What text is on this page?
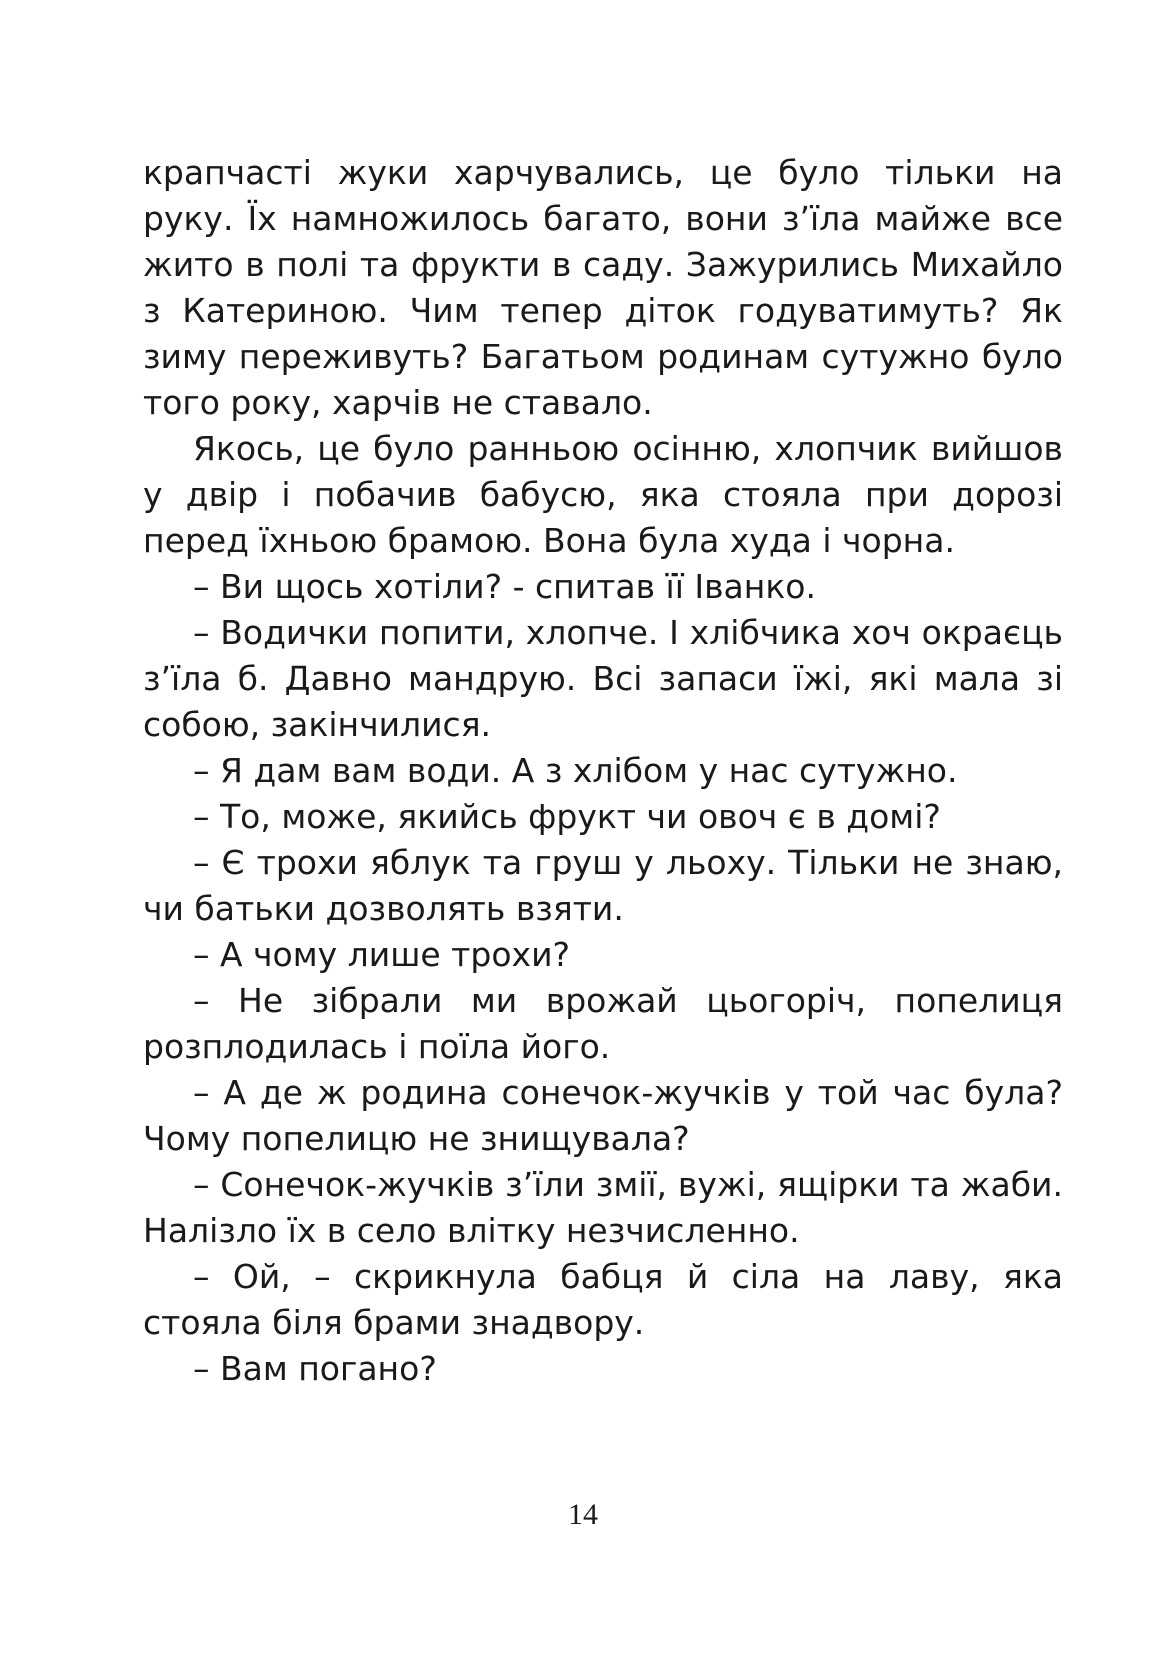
крапчасті жуки харчувались, це було тільки на руку. Їх намножилось багато, вони з’їла майже все жито в полі та фрукти в саду. Зажурились Михайло з Катериною. Чим тепер діток годуватимуть? Як зиму переживуть? Багатьом родинам сутужно було того року, харчів не ставало.

Якось, це було ранньою осінню, хлопчик вийшов у двір і побачив бабусю, яка стояла при дорозі перед їхньою брамою. Вона була худа і чорна.

– Ви щось хотіли? - спитав її Іванко.

– Водички попити, хлопче. І хлібчика хоч окраєць з’їла б. Давно мандрую. Всі запаси їжі, які мала зі собою, закінчилися.

– Я дам вам води. А з хлібом у нас сутужно.

– То, може, якийсь фрукт чи овоч є в домі?

– Є трохи яблук та груш у льоху. Тільки не знаю, чи батьки дозволять взяти.

– А чому лише трохи?

– Не зібрали ми врожай цьогоріч, попелиця розплодилась і поїла його.

– А де ж родина сонечок-жучків у той час була? Чому попелицю не знищувала?

– Сонечок-жучків з’їли змії, вужі, ящірки та жаби. Налізло їх в село влітку незчисленно.

– Ой, – скрикнула бабця й сіла на лаву, яка стояла біля брами знадвору.

– Вам погано?

14
